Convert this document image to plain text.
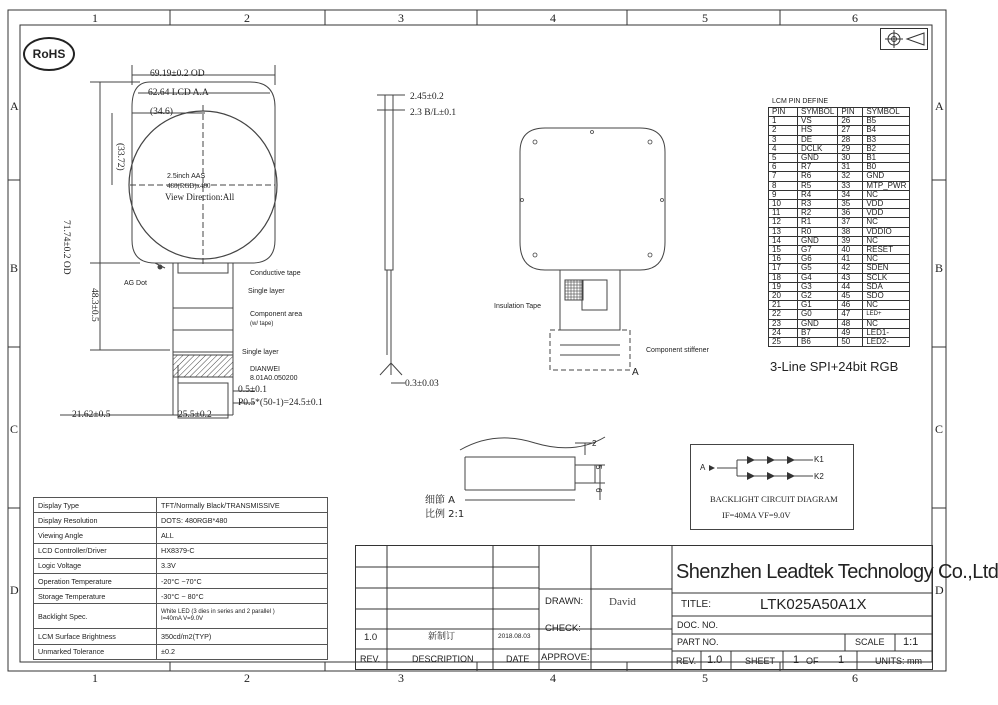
1	2	3	4	5	6
1	2	3	4	5	6
A
B
C
D
A
B
C
D
RoHS
69.19±0.2 OD
62.64 LCD A.A
(34.6)
71.74±0.2 OD
(33.72)
48.3±0.5
2.5inch AAS
480(RGB)x480
View Direction:All
AG Dot
Conductive tape
Single layer
Component area
(w/ tape)
Single layer
DIANWEI
8.01A0.050200
0.5±0.1
P0.5*(50-1)=24.5±0.1
21.62±0.5	25.5±0.2
2.45±0.2
2.3 B/L±0.1
0.3±0.03
Insulation Tape
Component stiffener
A
LCM PIN DEFINE
PIN	SYMBOL	PIN	SYMBOL
1	VS	26	B5
2	HS	27	B4
3	DE	28	B3
4	DCLK	29	B2
5	GND	30	B1
6	R7	31	B0
7	R6	32	GND
8	R5	33	MTP_PWR
9	R4	34	NC
10	R3	35	VDD
11	R2	36	VDD
12	R1	37	NC
13	R0	38	VDDIO
14	GND	39	NC
15	G7	40	RESET
16	G6	41	NC
17	G5	42	SDEN
18	G4	43	SCLK
19	G3	44	SDA
20	G2	45	SDO
21	G1	46	NC
22	G0	47	LED+
23	GND	48	NC
24	B7	49	LED1-
25	B6	50	LED2-
3-Line SPI+24bit RGB
2
5
6
细節 A
比例 2:1
A
K1
K2
BACKLIGHT CIRCUIT DIAGRAM
IF=40MA VF=9.0V
Display Type	TFT/Normally Black/TRANSMISSIVE
Display Resolution	DOTS: 480RGB*480
Viewing Angle	ALL
LCD Controller/Driver	HX8379-C
Logic Voltage	3.3V
Operation Temperature	-20°C ~70°C
Storage Temperature	-30°C ~ 80°C
Backlight Spec.	White LED (3 dies in series and 2 parallel )
I=40mA V=9.0V

LCM Surface Brightness	350cd/m2(TYP)
Unmarked Tolerance	±0.2
Shenzhen Leadtek Technology Co.,Ltd
DRAWN: David
CHECK:
APPROVE:
TITLE:	LTK025A50A1X
DOC. NO.
PART NO.	SCALE 1:1
REV. 1.0	SHEET 1 OF 1	UNITS: mm
1.0	新制订	2018.08.03
REV.	DESCRIPTION	DATE
